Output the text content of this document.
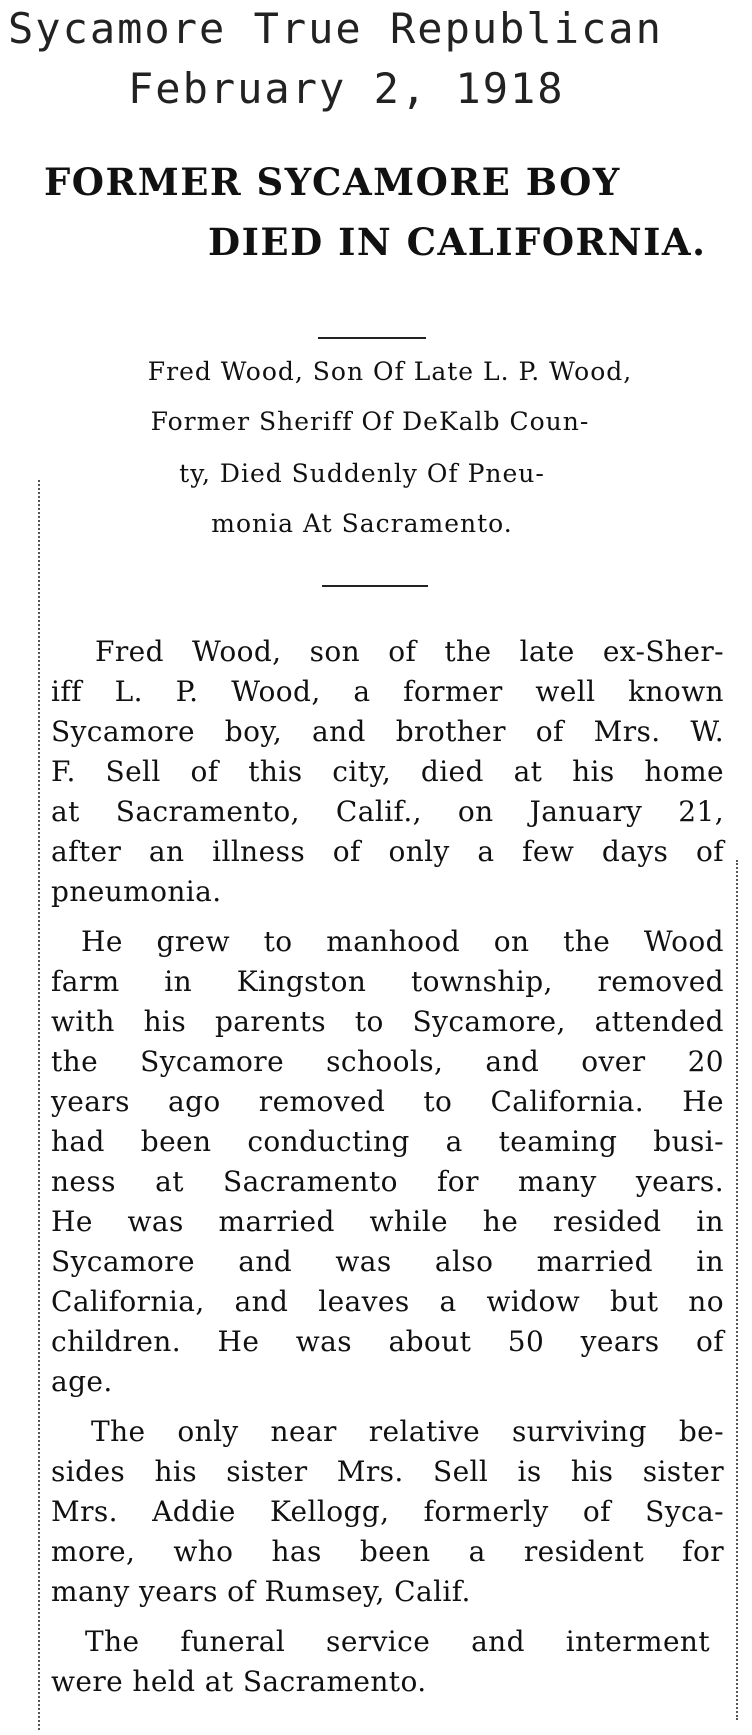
Sycamore True Republican
February 2, 1918
FORMER SYCAMORE BOY
DIED IN CALIFORNIA.
Fred Wood, Son Of Late L. P. Wood,
Former Sheriff Of DeKalb Coun-
ty, Died Suddenly Of Pneu-
monia At Sacramento.
Fred Wood, son of the late ex-Sher-
iff L. P. Wood, a former well known
Sycamore boy, and brother of Mrs. W.
F. Sell of this city, died at his home
at Sacramento, Calif., on January 21,
after an illness of only a few days of
pneumonia.
He grew to manhood on the Wood
farm in Kingston township, removed
with his parents to Sycamore, attended
the Sycamore schools, and over 20
years ago removed to California. He
had been conducting a teaming busi-
ness at Sacramento for many years.
He was married while he resided in
Sycamore and was also married in
California, and leaves a widow but no
children. He was about 50 years of
age.
The only near relative surviving be-
sides his sister Mrs. Sell is his sister
Mrs. Addie Kellogg, formerly of Syca-
more, who has been a resident for
many years of Rumsey, Calif.
The funeral service and interment
were held at Sacramento.
